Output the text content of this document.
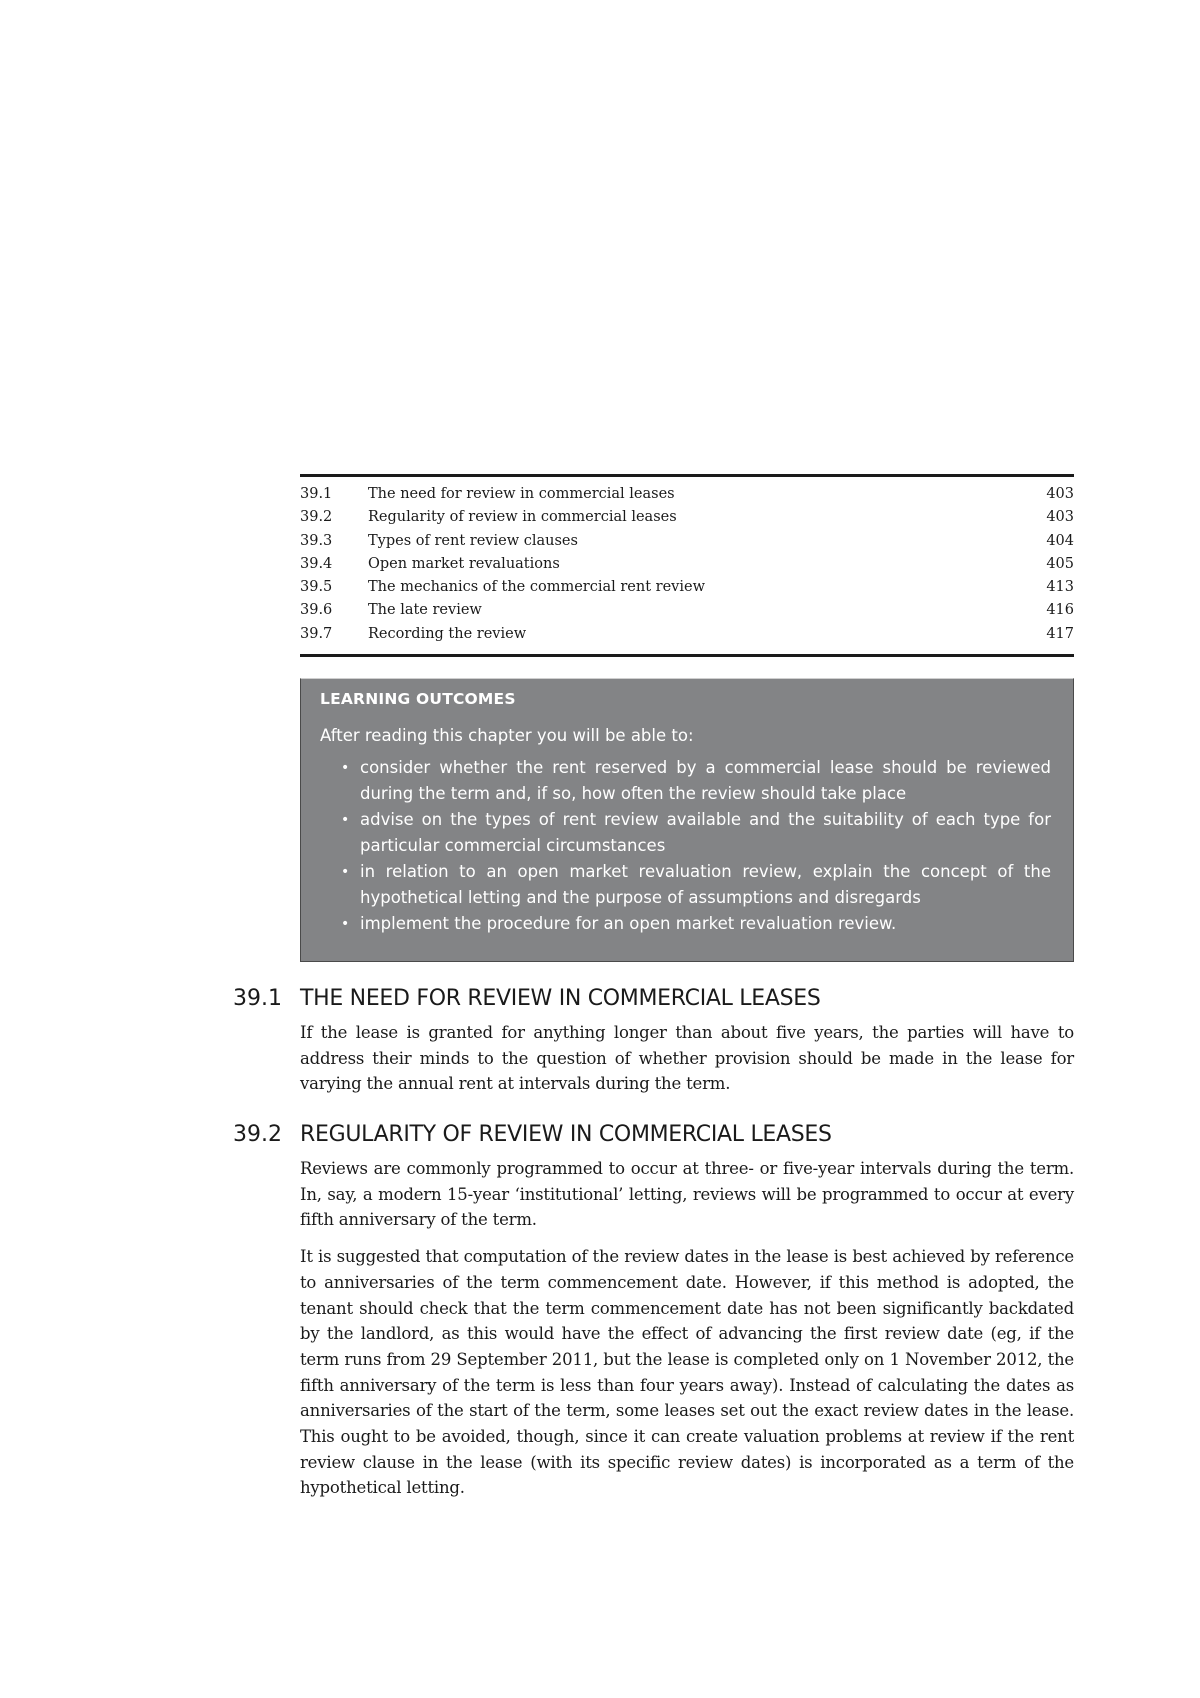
39.1	The need for review in commercial leases	403
39.2	Regularity of review in commercial leases	403
39.3	Types of rent review clauses	404
39.4	Open market revaluations	405
39.5	The mechanics of the commercial rent review	413
39.6	The late review	416
39.7	Recording the review	417

LEARNING OUTCOMES

After reading this chapter you will be able to:

• consider whether the rent reserved by a commercial lease should be reviewed during the term and, if so, how often the review should take place
• advise on the types of rent review available and the suitability of each type for particular commercial circumstances
• in relation to an open market revaluation review, explain the concept of the hypothetical letting and the purpose of assumptions and disregards
• implement the procedure for an open market revaluation review.
39.1 THE NEED FOR REVIEW IN COMMERCIAL LEASES

If the lease is granted for anything longer than about five years, the parties will have to address their minds to the question of whether provision should be made in the lease for varying the annual rent at intervals during the term.

39.2 REGULARITY OF REVIEW IN COMMERCIAL LEASES

Reviews are commonly programmed to occur at three- or five-year intervals during the term. In, say, a modern 15-year ‘institutional’ letting, reviews will be programmed to occur at every fifth anniversary of the term.

It is suggested that computation of the review dates in the lease is best achieved by reference to anniversaries of the term commencement date. However, if this method is adopted, the tenant should check that the term commencement date has not been significantly backdated by the landlord, as this would have the effect of advancing the first review date (eg, if the term runs from 29 September 2011, but the lease is completed only on 1 November 2012, the fifth anniversary of the term is less than four years away). Instead of calculating the dates as anniversaries of the start of the term, some leases set out the exact review dates in the lease. This ought to be avoided, though, since it can create valuation problems at review if the rent review clause in the lease (with its specific review dates) is incorporated as a term of the hypothetical letting.
